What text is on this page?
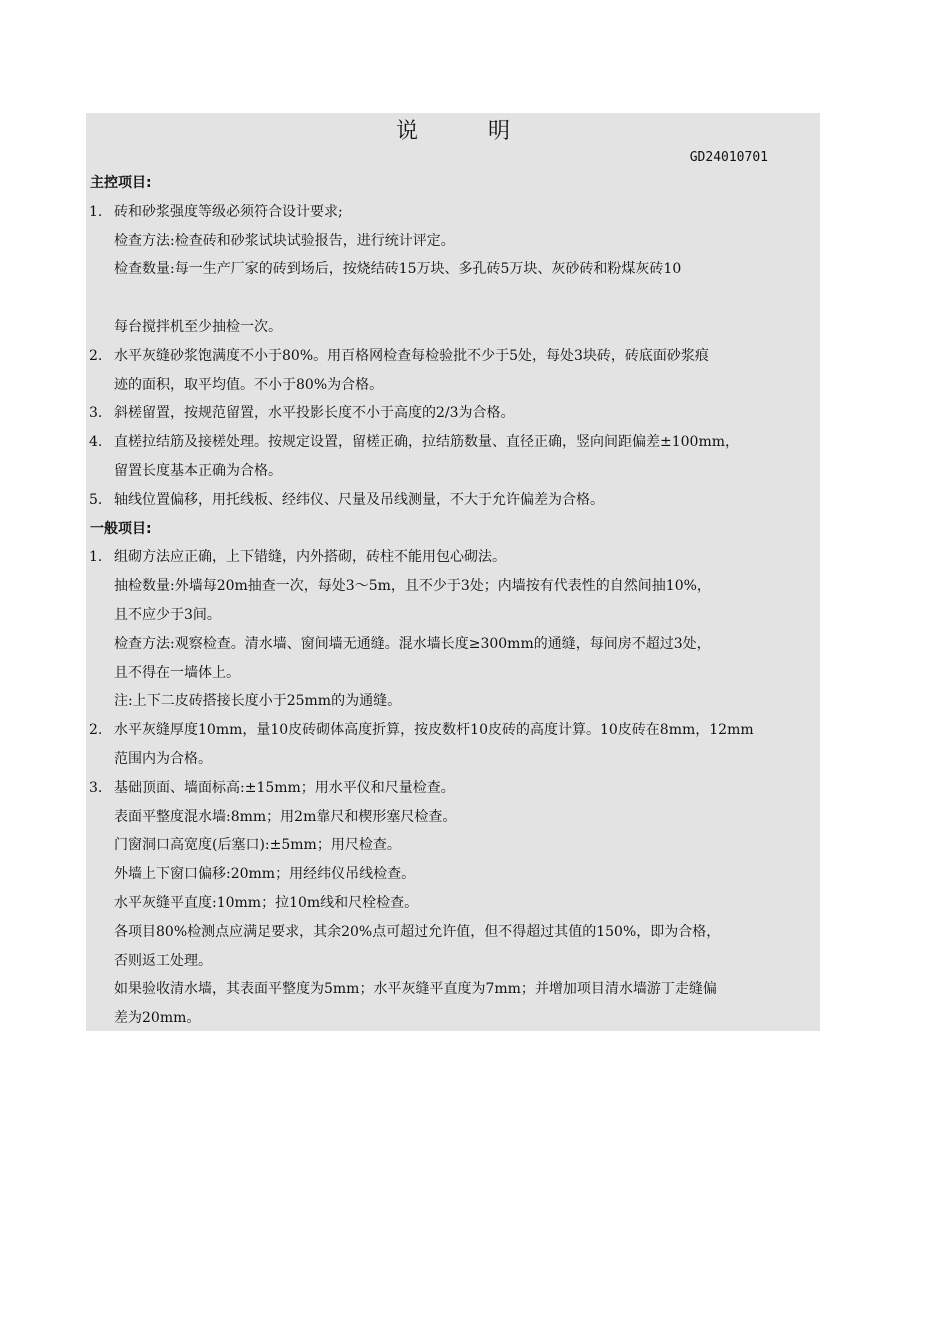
说　明
GD24010701
主控项目:
1. 砖和砂浆强度等级必须符合设计要求;
检查方法:检查砖和砂浆试块试验报告，进行统计评定。
检查数量:每一生产厂家的砖到场后，按烧结砖15万块、多孔砖5万块、灰砂砖和粉煤灰砖10
每台搅拌机至少抽检一次。
2. 水平灰缝砂浆饱满度不小于80%。用百格网检查每检验批不少于5处，每处3块砖，砖底面砂浆痕
迹的面积，取平均值。不小于80%为合格。
3. 斜槎留置，按规范留置，水平投影长度不小于高度的2/3为合格。
4. 直槎拉结筋及接槎处理。按规定设置，留槎正确，拉结筋数量、直径正确，竖向间距偏差±100mm，
留置长度基本正确为合格。
5. 轴线位置偏移，用托线板、经纬仪、尺量及吊线测量，不大于允许偏差为合格。
一般项目:
1. 组砌方法应正确，上下错缝，内外搭砌，砖柱不能用包心砌法。
抽检数量:外墙每20m抽查一次，每处3～5m，且不少于3处；内墙按有代表性的自然间抽10%，
且不应少于3间。
检查方法:观察检查。清水墙、窗间墙无通缝。混水墙长度≥300mm的通缝，每间房不超过3处，
且不得在一墙体上。
注:上下二皮砖搭接长度小于25mm的为通缝。
2. 水平灰缝厚度10mm，量10皮砖砌体高度折算，按皮数杆10皮砖的高度计算。10皮砖在8mm，12mm
范围内为合格。
3. 基础顶面、墙面标高:±15mm；用水平仪和尺量检查。
表面平整度混水墙:8mm；用2m靠尺和楔形塞尺检查。
门窗洞口高宽度(后塞口):±5mm；用尺检查。
外墙上下窗口偏移:20mm；用经纬仪吊线检查。
水平灰缝平直度:10mm；拉10m线和尺栓检查。
各项目80%检测点应满足要求，其余20%点可超过允许值，但不得超过其值的150%，即为合格，
否则返工处理。
如果验收清水墙，其表面平整度为5mm；水平灰缝平直度为7mm；并增加项目清水墙游丁走缝偏
差为20mm。
